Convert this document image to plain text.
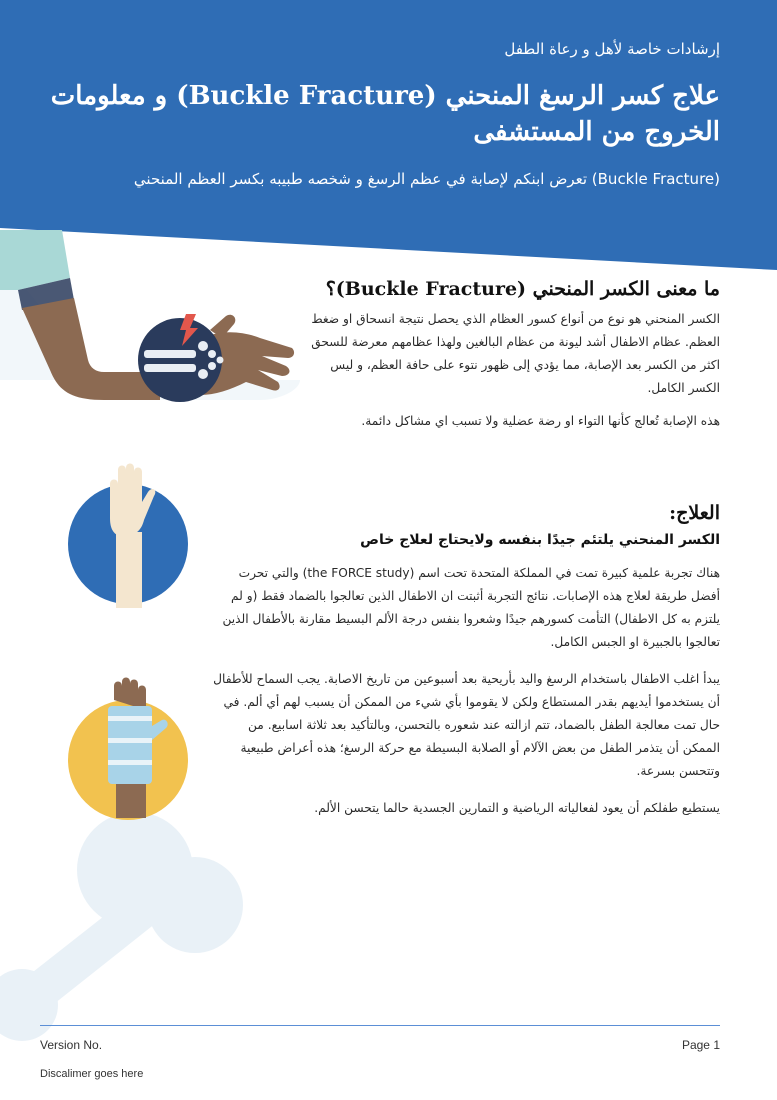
إرشادات خاصة لأهل و رعاة الطفل
علاج كسر الرسغ المنحني (Buckle Fracture) و معلومات الخروج من المستشفى
(Buckle Fracture) تعرض ابنكم لإصابة في عظم الرسغ و شخصه طبيبه بكسر العظم المنحني
ما معنى الكسر المنحني (Buckle Fracture)؟

الكسر المنحني هو نوع من أنواع كسور العظام الذي يحصل نتيجة انسحاق او ضغط العظم. عظام الاطفال أشد ليونة من عظام البالغين ولهذا عظامهم معرضة للسحق اكثر من الكسر بعد الإصابة، مما يؤدي إلى ظهور نتوء على حافة العظم، و ليس الكسر الكامل.

هذه الإصابة تُعالج كأنها التواء او رضة عضلية ولا تسبب اي مشاكل دائمة.

العلاج:
الكسر المنحني يلتئم جيدًا بنفسه ولايحتاج لعلاج خاص

هناك تجربة علمية كبيرة تمت في المملكة المتحدة تحت اسم (the FORCE study) والتي تحرت أفضل طريقة لعلاج هذه الإصابات. نتائج التجربة أثبتت ان الاطفال الذين تعالجوا بالضماد فقط (و لم يلتزم به كل الاطفال) التأمت كسورهم جيدًا وشعروا بنفس درجة الألم البسيط مقارنة بالأطفال الذين تعالجوا بالجبيرة او الجبس الكامل.

يبدأ اغلب الاطفال باستخدام الرسغ واليد بأريحية بعد أسبوعين من تاريخ الاصابة. يجب السماح للأطفال أن يستخدموا أيديهم بقدر المستطاع ولكن لا يقوموا بأي شيء من الممكن أن يسبب لهم أي ألم. في حال تمت معالجة الطفل بالضماد، تتم ازالته عند شعوره بالتحسن، وبالتأكيد بعد ثلاثة اسابيع. من الممكن أن يتذمر الطفل من بعض الآلام أو الصلابة البسيطة مع حركة الرسغ؛ هذه أعراض طبيعية وتتحسن بسرعة.

يستطيع طفلكم أن يعود لفعالياته الرياضية و التمارين الجسدية حالما يتحسن الألم.

Version No.	Page 1
Discalimer goes here
